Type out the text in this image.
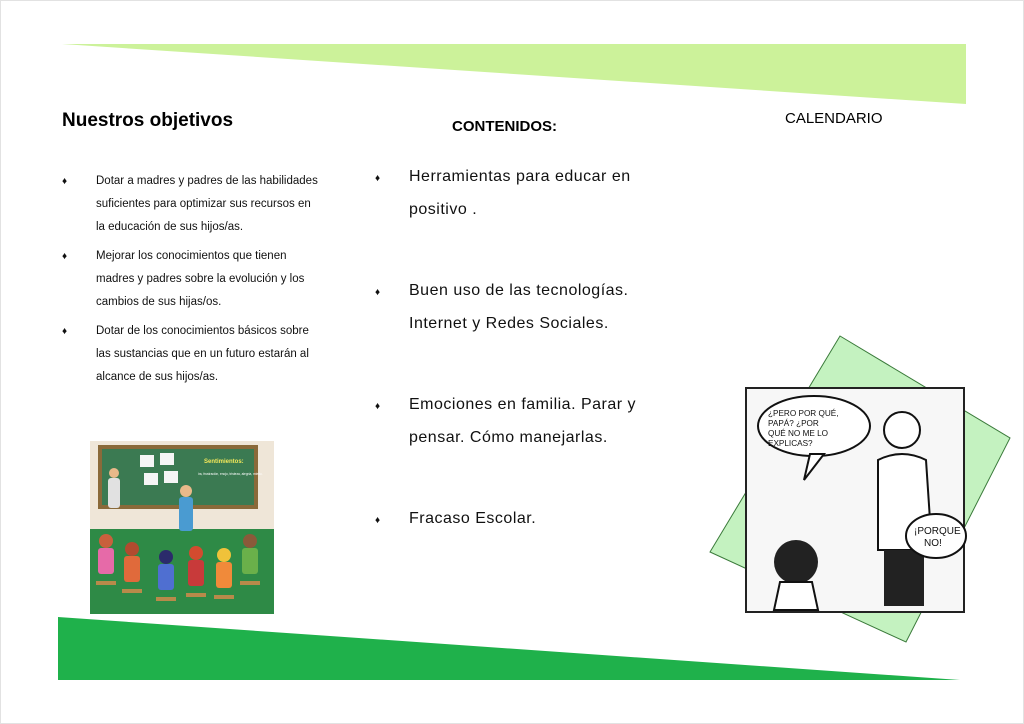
Nuestros objetivos
♦	Dotar a madres y padres de las habilidades suficientes para optimizar sus recursos en la educación de sus hijos/as.
♦	Mejorar los conocimientos que tienen madres y padres sobre la evolución y los cambios de sus hijas/os.
♦	Dotar de los conocimientos básicos sobre las sustancias que en un futuro estarán al alcance de sus hijos/as.
Sentimientos:
ira, frustración, enojo, tristeza, alegría, miedo.
CONTENIDOS:
♦ Herramientas para educar en positivo .
♦ Buen uso de las tecnologías. Internet y Redes Sociales.
♦ Emociones en familia. Parar y pensar. Cómo manejarlas.
♦ Fracaso Escolar.
CALENDARIO
¿PERO POR QUÉ, PAPÁ? ¿POR QUÉ NO ME LO EXPLICAS?
¡PORQUE NO!
